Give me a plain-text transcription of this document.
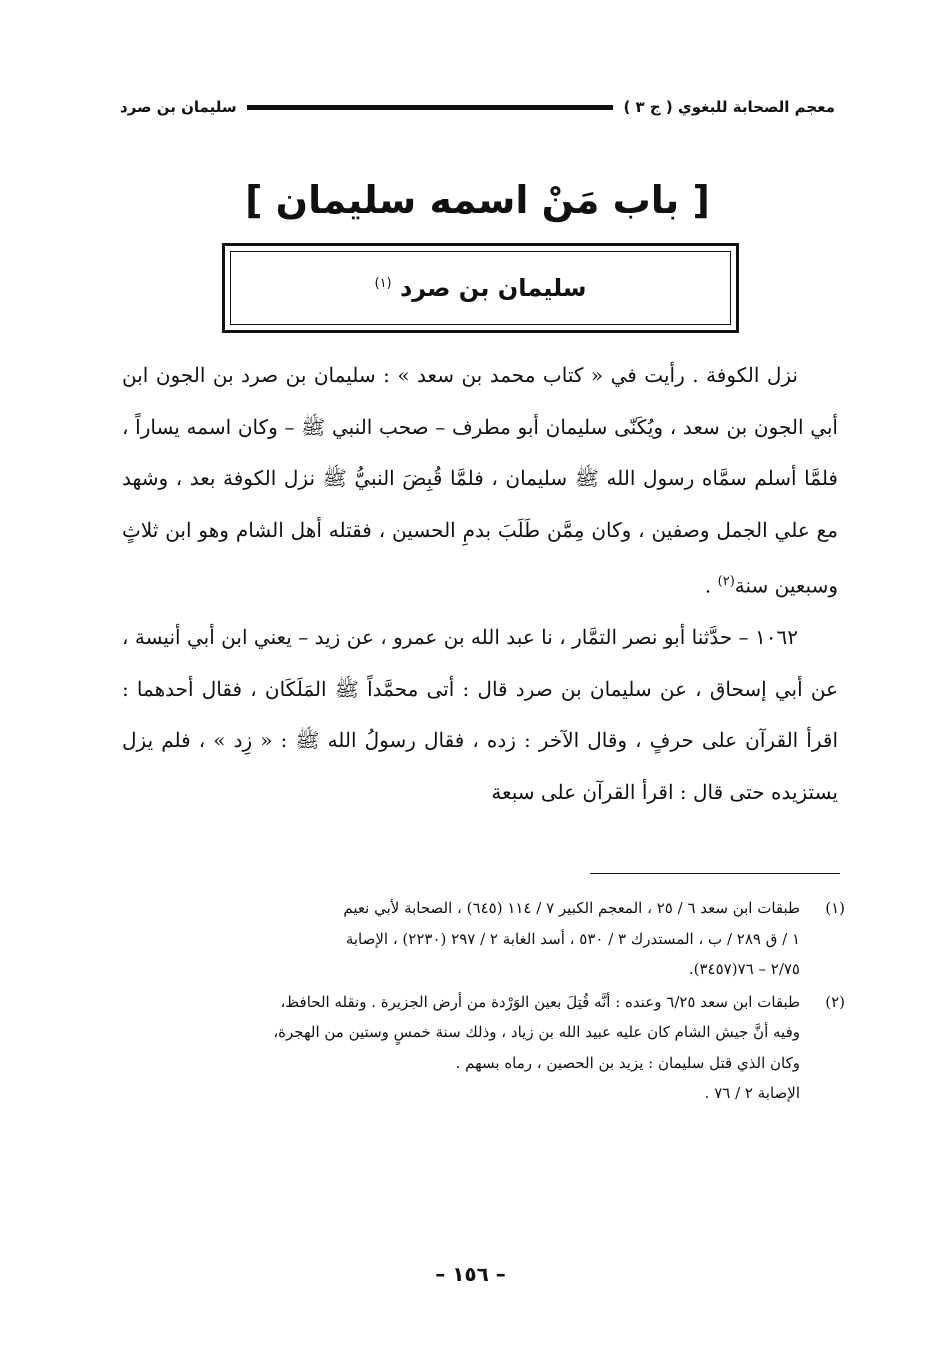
معجم الصحابة للبغوي ( ج ٣ )
سليمان بن صرد
[ باب مَنْ اسمه سليمان ]
سليمان بن صرد $^{(١)}$

نزل الكوفة . رأيت في « كتاب محمد بن سعد » : سليمان بن صرد بن الجون ابن أبي الجون بن سعد ، ويُكَنّى سليمان أبو مطرف – صحب النبي ﷺ – وكان اسمه يساراً ، فلمَّا أسلم سمَّاه رسول الله ﷺ سليمان ، فلمَّا قُبِضَ النبيُّ ﷺ نزل الكوفة بعد ، وشهد مع علي الجمل وصفين ، وكان مِمَّن طَلَبَ بدمِ الحسين ، فقتله أهل الشام وهو ابن ثلاثٍ وسبعين سنة$^{(٢)}$ .

١٠٦٢ – حدَّثنا أبو نصر التمَّار ، نا عبد الله بن عمرو ، عن زيد – يعني ابن أبي أنيسة ، عن أبي إسحاق ، عن سليمان بن صرد قال : أتى محمَّداً ﷺ المَلَكَان ، فقال أحدهما : اقرأ القرآن على حرفٍ ، وقال الآخر : زده ، فقال رسولُ الله ﷺ : « زِد » ، فلم يزل يستزيده حتى قال : اقرأ القرآن على سبعة

(١)
طبقات ابن سعد ٦ / ٢٥ ، المعجم الكبير ٧ / ١١٤ (٦٤٥) ، الصحابة لأبي نعيم
١ / ق ٢٨٩ / ب ، المستدرك ٣ / ٥٣٠ ، أسد الغابة ٢ / ٢٩٧ (٢٢٣٠) ، الإصابة
٢/٧٥ – ٧٦(٣٤٥٧).
(٢)
طبقات ابن سعد ٦/٢٥ وعنده : أنَّه قُتِلَ بعين الوَرْدة من أرض الجزيرة . ونقله الحافظ،
وفيه أنَّ جيش الشام كان عليه عبيد الله بن زياد ، وذلك سنة خمسٍ وستين من الهجرة،
وكان الذي قتل سليمان : يزيد بن الحصين ، رماه بسهم .
الإصابة ٢ / ٧٦ .
– ١٥٦ –
